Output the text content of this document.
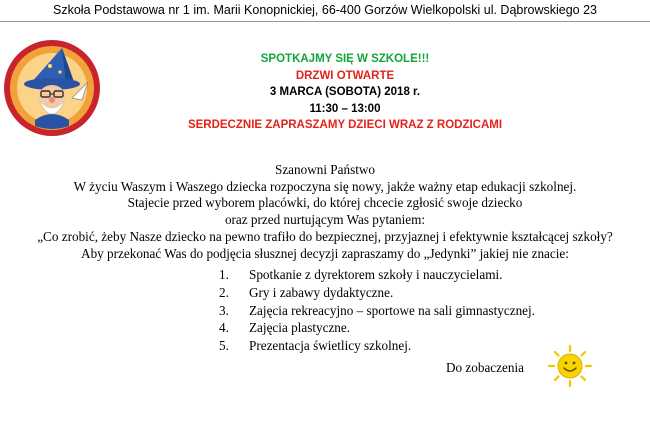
Szkoła Podstawowa nr 1 im. Marii Konopnickiej, 66-400 Gorzów Wielkopolski ul. Dąbrowskiego 23
SPOTKAJMY SIĘ W SZKOLE!!!
DRZWI OTWARTE
3 MARCA (SOBOTA) 2018 r.
11:30 – 13:00
SERDECZNIE ZAPRASZAMY DZIECI WRAZ Z RODZICAMI
Szanowni Państwo
W życiu Waszym i Waszego dziecka rozpoczyna się nowy, jakże ważny etap edukacji szkolnej.
Stajecie przed wyborem placówki, do której chcecie zgłosić swoje dziecko
oraz przed nurtującym Was pytaniem:
„Co zrobić, żeby Nasze dziecko na pewno trafiło do bezpiecznej, przyjaznej i efektywnie kształcącej szkoły?
Aby przekonać Was do podjęcia słusznej decyzji zapraszamy do „Jedynki” jakiej nie znacie:
1. Spotkanie z dyrektorem szkoły i nauczycielami.
2. Gry i zabawy dydaktyczne.
3. Zajęcia rekreacyjno – sportowe na sali gimnastycznej.
4. Zajęcia plastyczne.
5. Prezentacja świetlicy szkolnej.
Do zobaczenia
